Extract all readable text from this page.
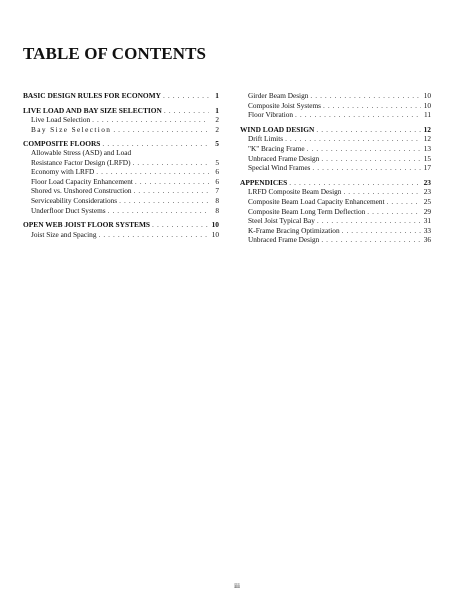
TABLE OF CONTENTS
BASIC DESIGN RULES FOR ECONOMY . . .	1
LIVE LOAD AND BAY SIZE SELECTION . . .	1
Live Load Selection . . .	2
Bay Size Selection . . .	2
COMPOSITE FLOORS . . .	5
Allowable Stress (ASD) and Load
Resistance Factor Design (LRFD) . . .	5
Economy with LRFD . . .	6
Floor Load Capacity Enhancement . . .	6
Shored vs. Unshored Construction . . .	7
Serviceability Considerations . . .	8
Underfloor Duct Systems . . .	8
OPEN WEB JOIST FLOOR SYSTEMS . . .	10
Joist Size and Spacing . . .	10
Girder Beam Design . . .	10
Composite Joist Systems . . .	10
Floor Vibration . . .	11
WIND LOAD DESIGN . . .	12
Drift Limits . . .	12
"K" Bracing Frame . . .	13
Unbraced Frame Design . . .	15
Special Wind Frames . . .	17
APPENDICES . . .	23
LRFD Composite Beam Design . . .	23
Composite Beam Load Capacity Enhancement . . .	25
Composite Beam Long Term Deflection . . .	29
Steel Joist Typical Bay . . .	31
K-Frame Bracing Optimization . . .	33
Unbraced Frame Design . . .	36
iii
